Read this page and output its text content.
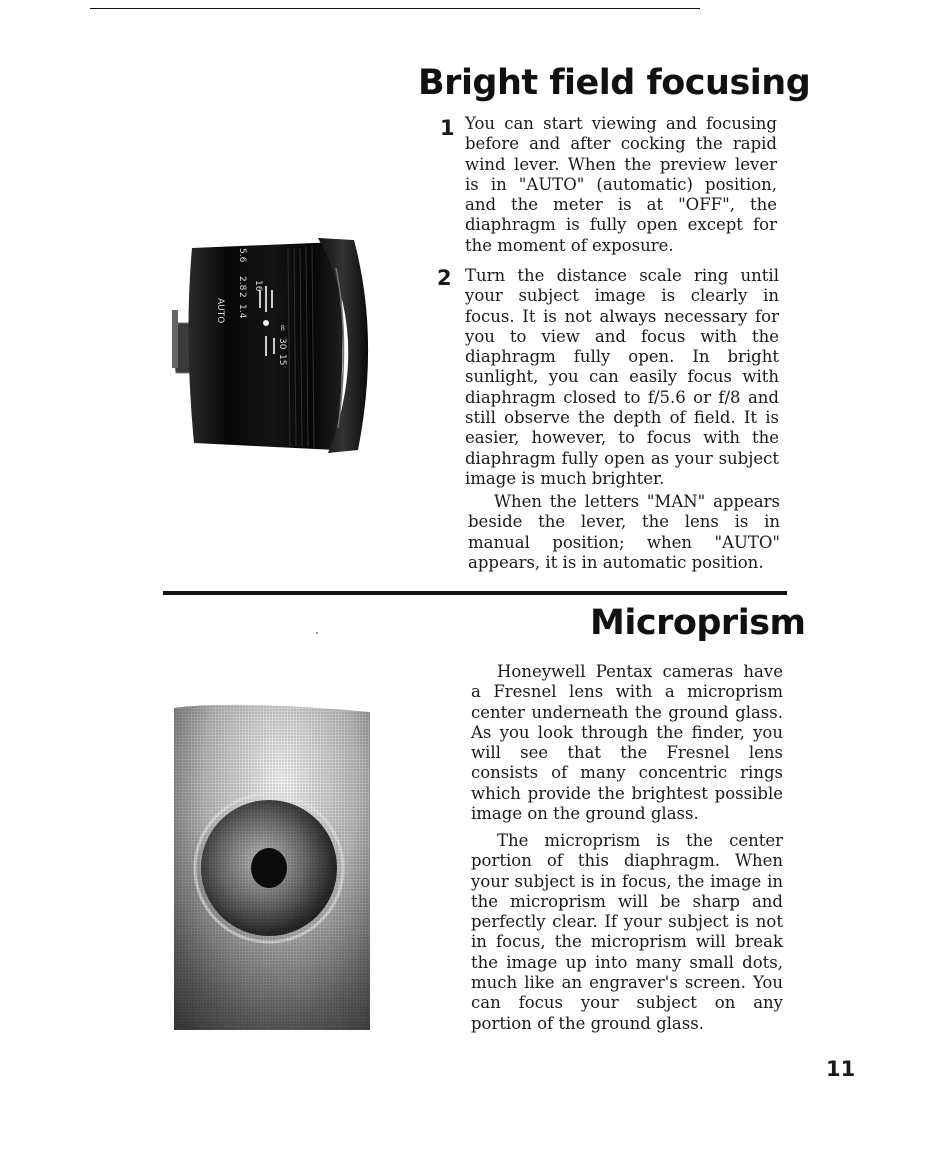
AUTO
16
5.6
2.8
2
1.4
∞
30
15
Bright field focusing
1 You can start viewing and focusing before and after cocking the rapid wind lever. When the preview lever is in "AUTO" (automatic) position, and the meter is at "OFF", the diaphragm is fully open except for the moment of exposure.
2 Turn the distance scale ring until your subject image is clearly in focus. It is not always necessary for you to view and focus with the diaphragm fully open. In bright sunlight, you can easily focus with diaphragm closed to f/5.6 or f/8 and still observe the depth of field. It is easier, however, to focus with the diaphragm fully open as your subject image is much brighter.
When the letters "MAN" appears beside the lever, the lens is in manual position; when "AUTO" appears, it is in automatic position.
Microprism
Honeywell Pentax cameras have a Fresnel lens with a microprism center underneath the ground glass. As you look through the finder, you will see that the Fresnel lens consists of many concentric rings which provide the brightest possible image on the ground glass.
The microprism is the center portion of this diaphragm. When your subject is in focus, the image in the microprism will be sharp and perfectly clear. If your subject is not in focus, the microprism will break the image up into many small dots, much like an engraver's screen. You can focus your subject on any portion of the ground glass.
11
